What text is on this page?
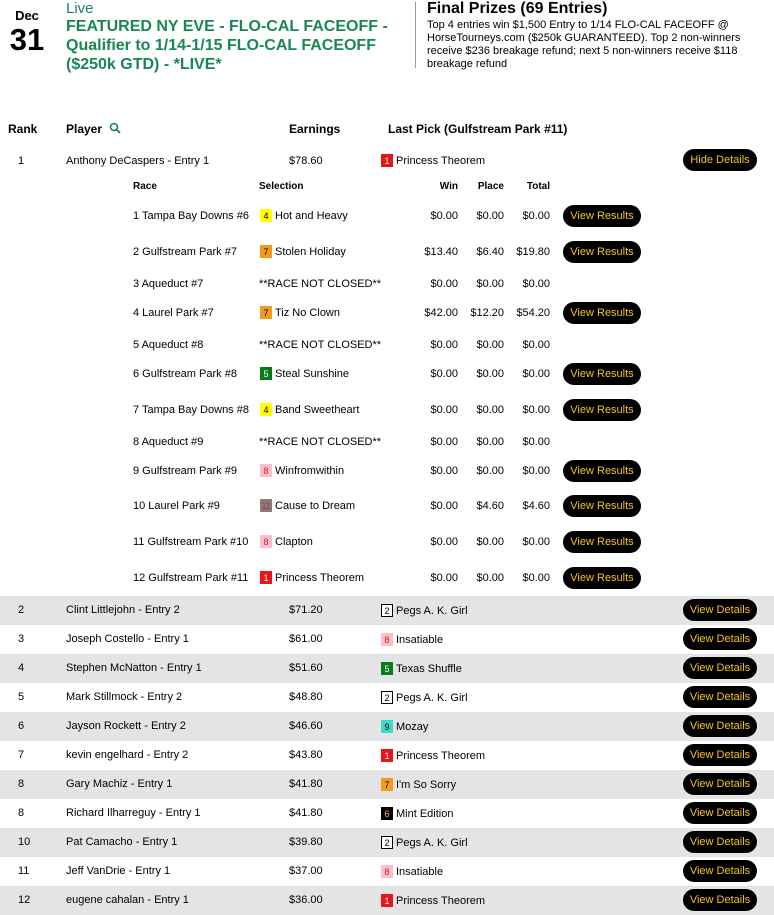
Dec
31
Live
FEATURED NY EVE - FLO-CAL FACEOFF - Qualifier to 1/14-1/15 FLO-CAL FACEOFF ($250k GTD) - *LIVE*
Final Prizes (69 Entries)
Top 4 entries win $1,500 Entry to 1/14 FLO-CAL FACEOFF @ HorseTourneys.com ($250k GUARANTEED). Top 2 non-winners receive $236 breakage refund; next 5 non-winners receive $118 breakage refund
Rank Player	Earnings	Last Pick (Gulfstream Park #11)
1	Anthony DeCaspers - Entry 1	$78.60	1 Princess Theorem	Hide Details
Race	Selection	Win	Place	Total
1 Tampa Bay Downs #6	4 Hot and Heavy	$0.00	$0.00	$0.00	View Results
2 Gulfstream Park #7	7 Stolen Holiday	$13.40	$6.40	$19.80	View Results
3 Aqueduct #7	**RACE NOT CLOSED**	$0.00	$0.00	$0.00
4 Laurel Park #7	7 Tiz No Clown	$42.00	$12.20	$54.20	View Results
5 Aqueduct #8	**RACE NOT CLOSED**	$0.00	$0.00	$0.00
6 Gulfstream Park #8	5 Steal Sunshine	$0.00	$0.00	$0.00	View Results
7 Tampa Bay Downs #8	4 Band Sweetheart	$0.00	$0.00	$0.00	View Results
8 Aqueduct #9	**RACE NOT CLOSED**	$0.00	$0.00	$0.00
9 Gulfstream Park #9	8 Winfromwithin	$0.00	$0.00	$0.00	View Results
10 Laurel Park #9	11 Cause to Dream	$0.00	$4.60	$4.60	View Results
11 Gulfstream Park #10	8 Clapton	$0.00	$0.00	$0.00	View Results
12 Gulfstream Park #11	1 Princess Theorem	$0.00	$0.00	$0.00	View Results
2	Clint Littlejohn - Entry 2	$71.20	2 Pegs A. K. Girl	View Details
3	Joseph Costello - Entry 1	$61.00	8 Insatiable	View Details
4	Stephen McNatton - Entry 1	$51.60	5 Texas Shuffle	View Details
5	Mark Stillmock - Entry 2	$48.80	2 Pegs A. K. Girl	View Details
6	Jayson Rockett - Entry 2	$46.60	9 Mozay	View Details
7	kevin engelhard - Entry 2	$43.80	1 Princess Theorem	View Details
8	Gary Machiz - Entry 1	$41.80	7 I'm So Sorry	View Details
8	Richard Ilharreguy - Entry 1	$41.80	6 Mint Edition	View Details
10	Pat Camacho - Entry 1	$39.80	2 Pegs A. K. Girl	View Details
11	Jeff VanDrie - Entry 1	$37.00	8 Insatiable	View Details
12	eugene cahalan - Entry 1	$36.00	1 Princess Theorem	View Details
